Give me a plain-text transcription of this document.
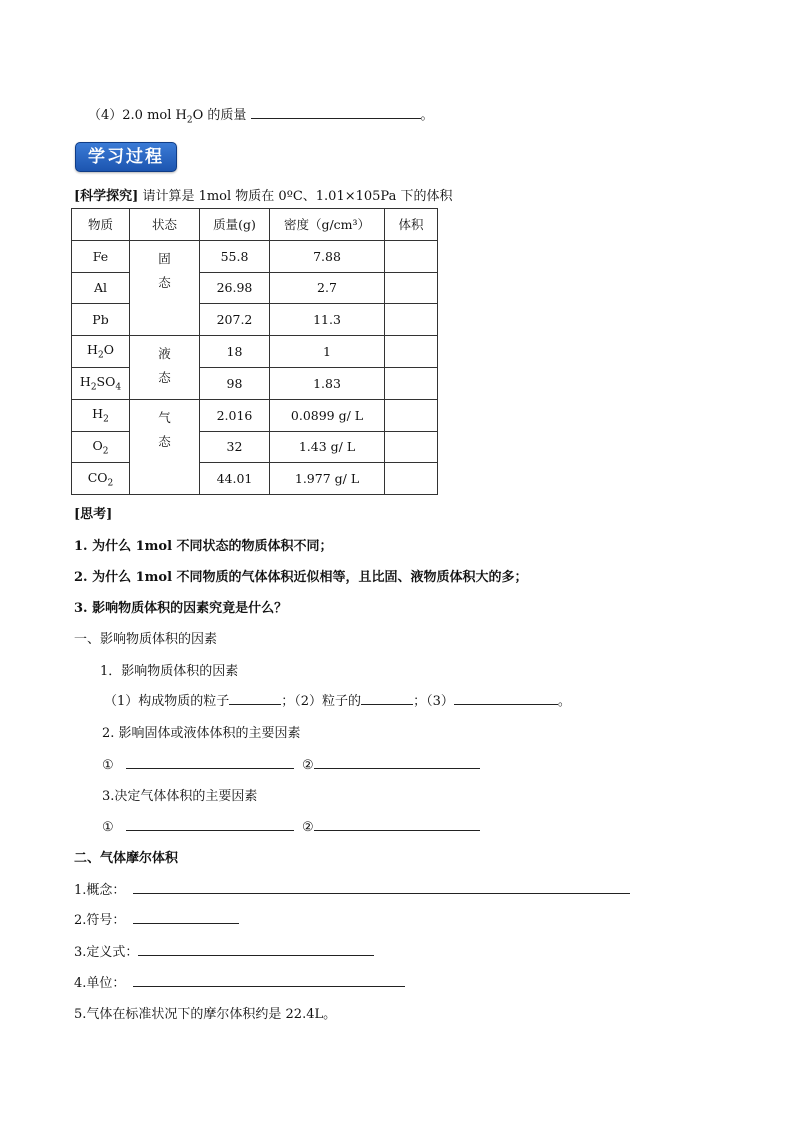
（4）2.0 mol $H_2O$ 的质量	。
学习过程
[科学探究] 请计算是 1mol 物质在 0ºC、1.01×105Pa 下的体积
物质	状态	质量(g)	密度（g/cm³）	体积
Fe	固态	55.8	7.88	
Al		26.98	2.7	
Pb		207.2	11.3	
$H_2O$	液态	18	1	
$H_2SO_4$		98	1.83	
$H_2$	气态	2.016	0.0899 g/ L	
$O_2$		32	1.43 g/ L	
$CO_2$		44.01	1.977 g/ L	
[思考]
1. 为什么 1mol 不同状态的物质体积不同；
2. 为什么 1mol 不同物质的气体体积近似相等，且比固、液物质体积大的多；
3. 影响物质体积的因素究竟是什么？
一、影响物质体积的因素
1．影响物质体积的因素
（1）构成物质的粒子	；（2）粒子的	；（3）	。
2. 影响固体或液体体积的主要因素
①	②
3.决定气体体积的主要因素
①	②
二、气体摩尔体积
1.概念：
2.符号：
3.定义式：
4.单位：
5.气体在标准状况下的摩尔体积约是 22.4L。
